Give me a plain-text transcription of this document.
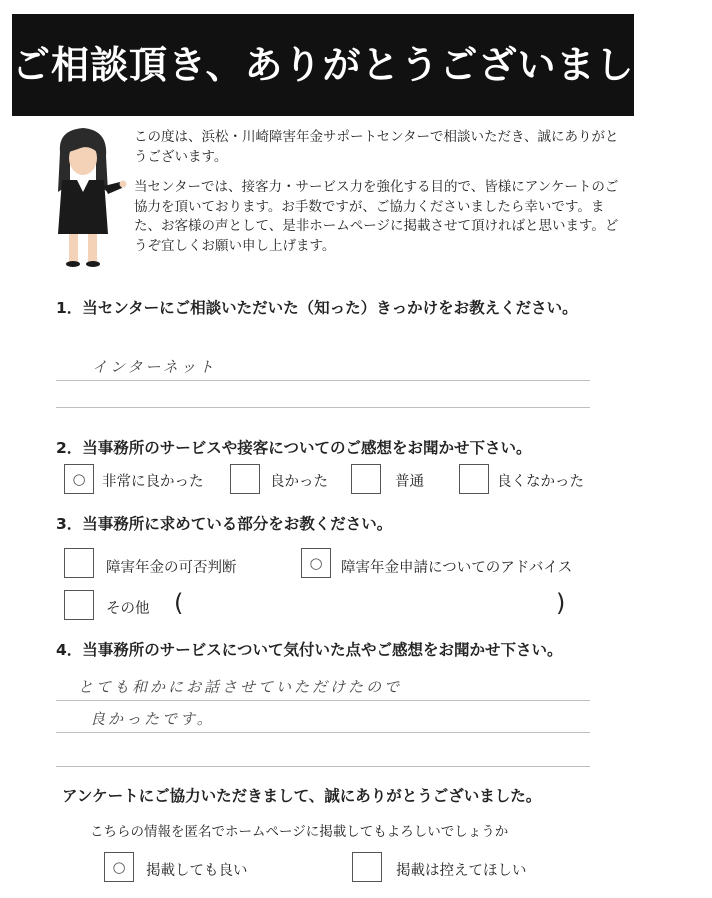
ご相談頂き、ありがとうございました！

この度は、浜松・川崎障害年金サポートセンターで相談いただき、誠にありがとうございます。

当センターでは、接客力・サービス力を強化する目的で、皆様にアンケートのご協力を頂いております。お手数ですが、ご協力くださいましたら幸いです。また、お客様の声として、是非ホームページに掲載させて頂ければと思います。どうぞ宜しくお願い申し上げます。

1．当センターにご相談いただいた（知った）きっかけをお教えください。
インターネット
2．当事務所のサービスや接客についてのご感想をお聞かせ下さい。
○ 非常に良かった	良かった	普通	良くなかった
3．当事務所に求めている部分をお教ください。
障害年金の可否判断	○ 障害年金申請についてのアドバイス
その他 (	)
4．当事務所のサービスについて気付いた点やご感想をお聞かせ下さい。
とても和かにお話させていただけたので
良かったです。
アンケートにご協力いただきまして、誠にありがとうございました。
こちらの情報を匿名でホームページに掲載してもよろしいでしょうか
○ 掲載しても良い	掲載は控えてほしい
